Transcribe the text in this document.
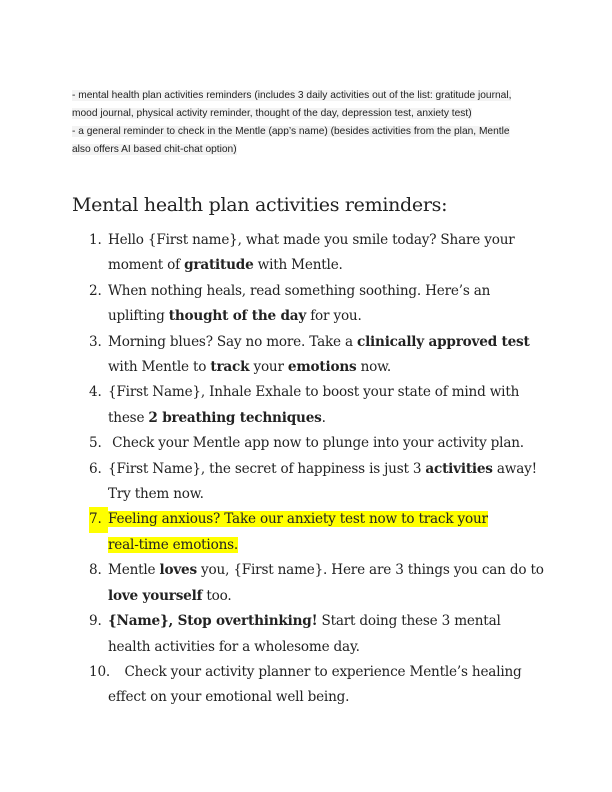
- mental health plan activities reminders (includes 3 daily activities out of the list: gratitude journal,
mood journal, physical activity reminder, thought of the day, depression test, anxiety test)
- a general reminder to check in the Mentle (app’s name) (besides activities from the plan, Mentle
also offers AI based chit-chat option)
Mental health plan activities reminders:
1. Hello {First name}, what made you smile today? Share your
moment of gratitude with Mentle.
2. When nothing heals, read something soothing. Here’s an
uplifting thought of the day for you.
3. Morning blues? Say no more. Take a clinically approved test
with Mentle to track your emotions now.
4. {First Name}, Inhale Exhale to boost your state of mind with
these 2 breathing techniques.
5. Check your Mentle app now to plunge into your activity plan.
6. {First Name}, the secret of happiness is just 3 activities away!
Try them now.
7. Feeling anxious? Take our anxiety test now to track your
real-time emotions.
8. Mentle loves you, {First name}. Here are 3 things you can do to
love yourself too.
9. {Name}, Stop overthinking! Start doing these 3 mental
health activities for a wholesome day.
10.
Check your activity planner to experience Mentle’s healing
effect on your emotional well being.
